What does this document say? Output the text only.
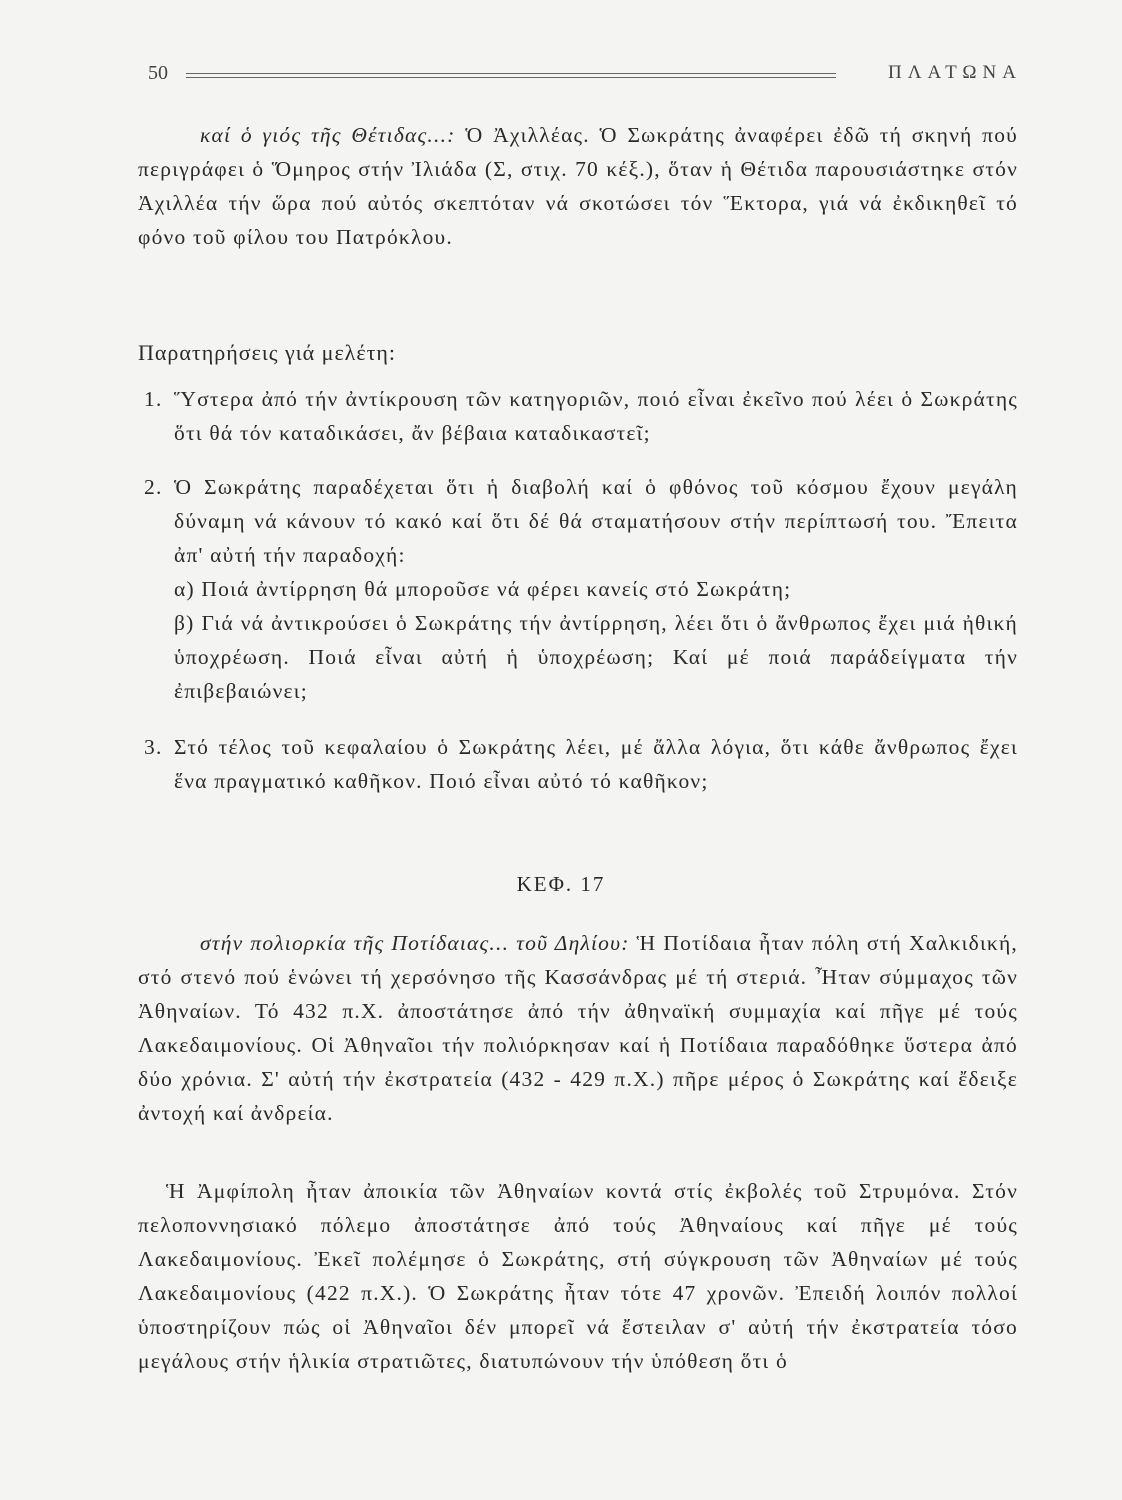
50	ΠΛΑΤΩΝΑ
καί ὁ γιός τῆς Θέτιδας...: Ὁ Ἀχιλλέας. Ὁ Σωκράτης ἀναφέρει ἐδῶ τή σκηνή πού περιγράφει ὁ Ὅμηρος στήν Ἰλιάδα (Σ, στιχ. 70 κέξ.), ὅταν ἡ Θέτιδα παρουσιάστηκε στόν Ἀχιλλέα τήν ὥρα πού αὐτός σκεπτόταν νά σκοτώσει τόν Ἕκτορα, γιά νά ἐκδικηθεῖ τό φόνο τοῦ φίλου του Πατρόκλου.
Παρατηρήσεις γιά μελέτη:
1. Ὕστερα ἀπό τήν ἀντίκρουση τῶν κατηγοριῶν, ποιό εἶναι ἐκεῖνο πού λέει ὁ Σωκράτης ὅτι θά τόν καταδικάσει, ἄν βέβαια καταδικαστεῖ;
2. Ὁ Σωκράτης παραδέχεται ὅτι ἡ διαβολή καί ὁ φθόνος τοῦ κόσμου ἔχουν μεγάλη δύναμη νά κάνουν τό κακό καί ὅτι δέ θά σταματήσουν στήν περίπτωσή του. Ἔπειτα ἀπ' αὐτή τήν παραδοχή:
α) Ποιά ἀντίρρηση θά μποροῦσε νά φέρει κανείς στό Σωκράτη;
β) Γιά νά ἀντικρούσει ὁ Σωκράτης τήν ἀντίρρηση, λέει ὅτι ὁ ἄνθρωπος ἔχει μιά ἠθική ὑποχρέωση. Ποιά εἶναι αὐτή ἡ ὑποχρέωση; Καί μέ ποιά παράδείγματα τήν ἐπιβεβαιώνει;
3. Στό τέλος τοῦ κεφαλαίου ὁ Σωκράτης λέει, μέ ἄλλα λόγια, ὅτι κάθε ἄνθρωπος ἔχει ἕνα πραγματικό καθῆκον. Ποιό εἶναι αὐτό τό καθῆκον;
ΚΕΦ. 17
στήν πολιορκία τῆς Ποτίδαιας... τοῦ Δηλίου: Ἡ Ποτίδαια ἦταν πόλη στή Χαλκιδική, στό στενό πού ἑνώνει τή χερσόνησο τῆς Κασσάνδρας μέ τή στεριά. Ἦταν σύμμαχος τῶν Ἀθηναίων. Τό 432 π.Χ. ἀποστάτησε ἀπό τήν ἀθηναϊκή συμμαχία καί πῆγε μέ τούς Λακεδαιμονίους. Οἱ Ἀθηναῖοι τήν πολιόρκησαν καί ἡ Ποτίδαια παραδόθηκε ὕστερα ἀπό δύο χρόνια. Σ' αὐτή τήν ἐκστρατεία (432 - 429 π.Χ.) πῆρε μέρος ὁ Σωκράτης καί ἔδειξε ἀντοχή καί ἀνδρεία.
Ἡ Ἀμφίπολη ἦταν ἀποικία τῶν Ἀθηναίων κοντά στίς ἐκβολές τοῦ Στρυμόνα. Στόν πελοποννησιακό πόλεμο ἀποστάτησε ἀπό τούς Ἀθηναίους καί πῆγε μέ τούς Λακεδαιμονίους. Ἐκεῖ πολέμησε ὁ Σωκράτης, στή σύγκρουση τῶν Ἀθηναίων μέ τούς Λακεδαιμονίους (422 π.Χ.). Ὁ Σωκράτης ἦταν τότε 47 χρονῶν. Ἐπειδή λοιπόν πολλοί ὑποστηρίζουν πώς οἱ Ἀθηναῖοι δέν μπορεῖ νά ἔστειλαν σ' αὐτή τήν ἐκστρατεία τόσο μεγάλους στήν ἡλικία στρατιῶτες, διατυπώνουν τήν ὑπόθεση ὅτι ὁ
